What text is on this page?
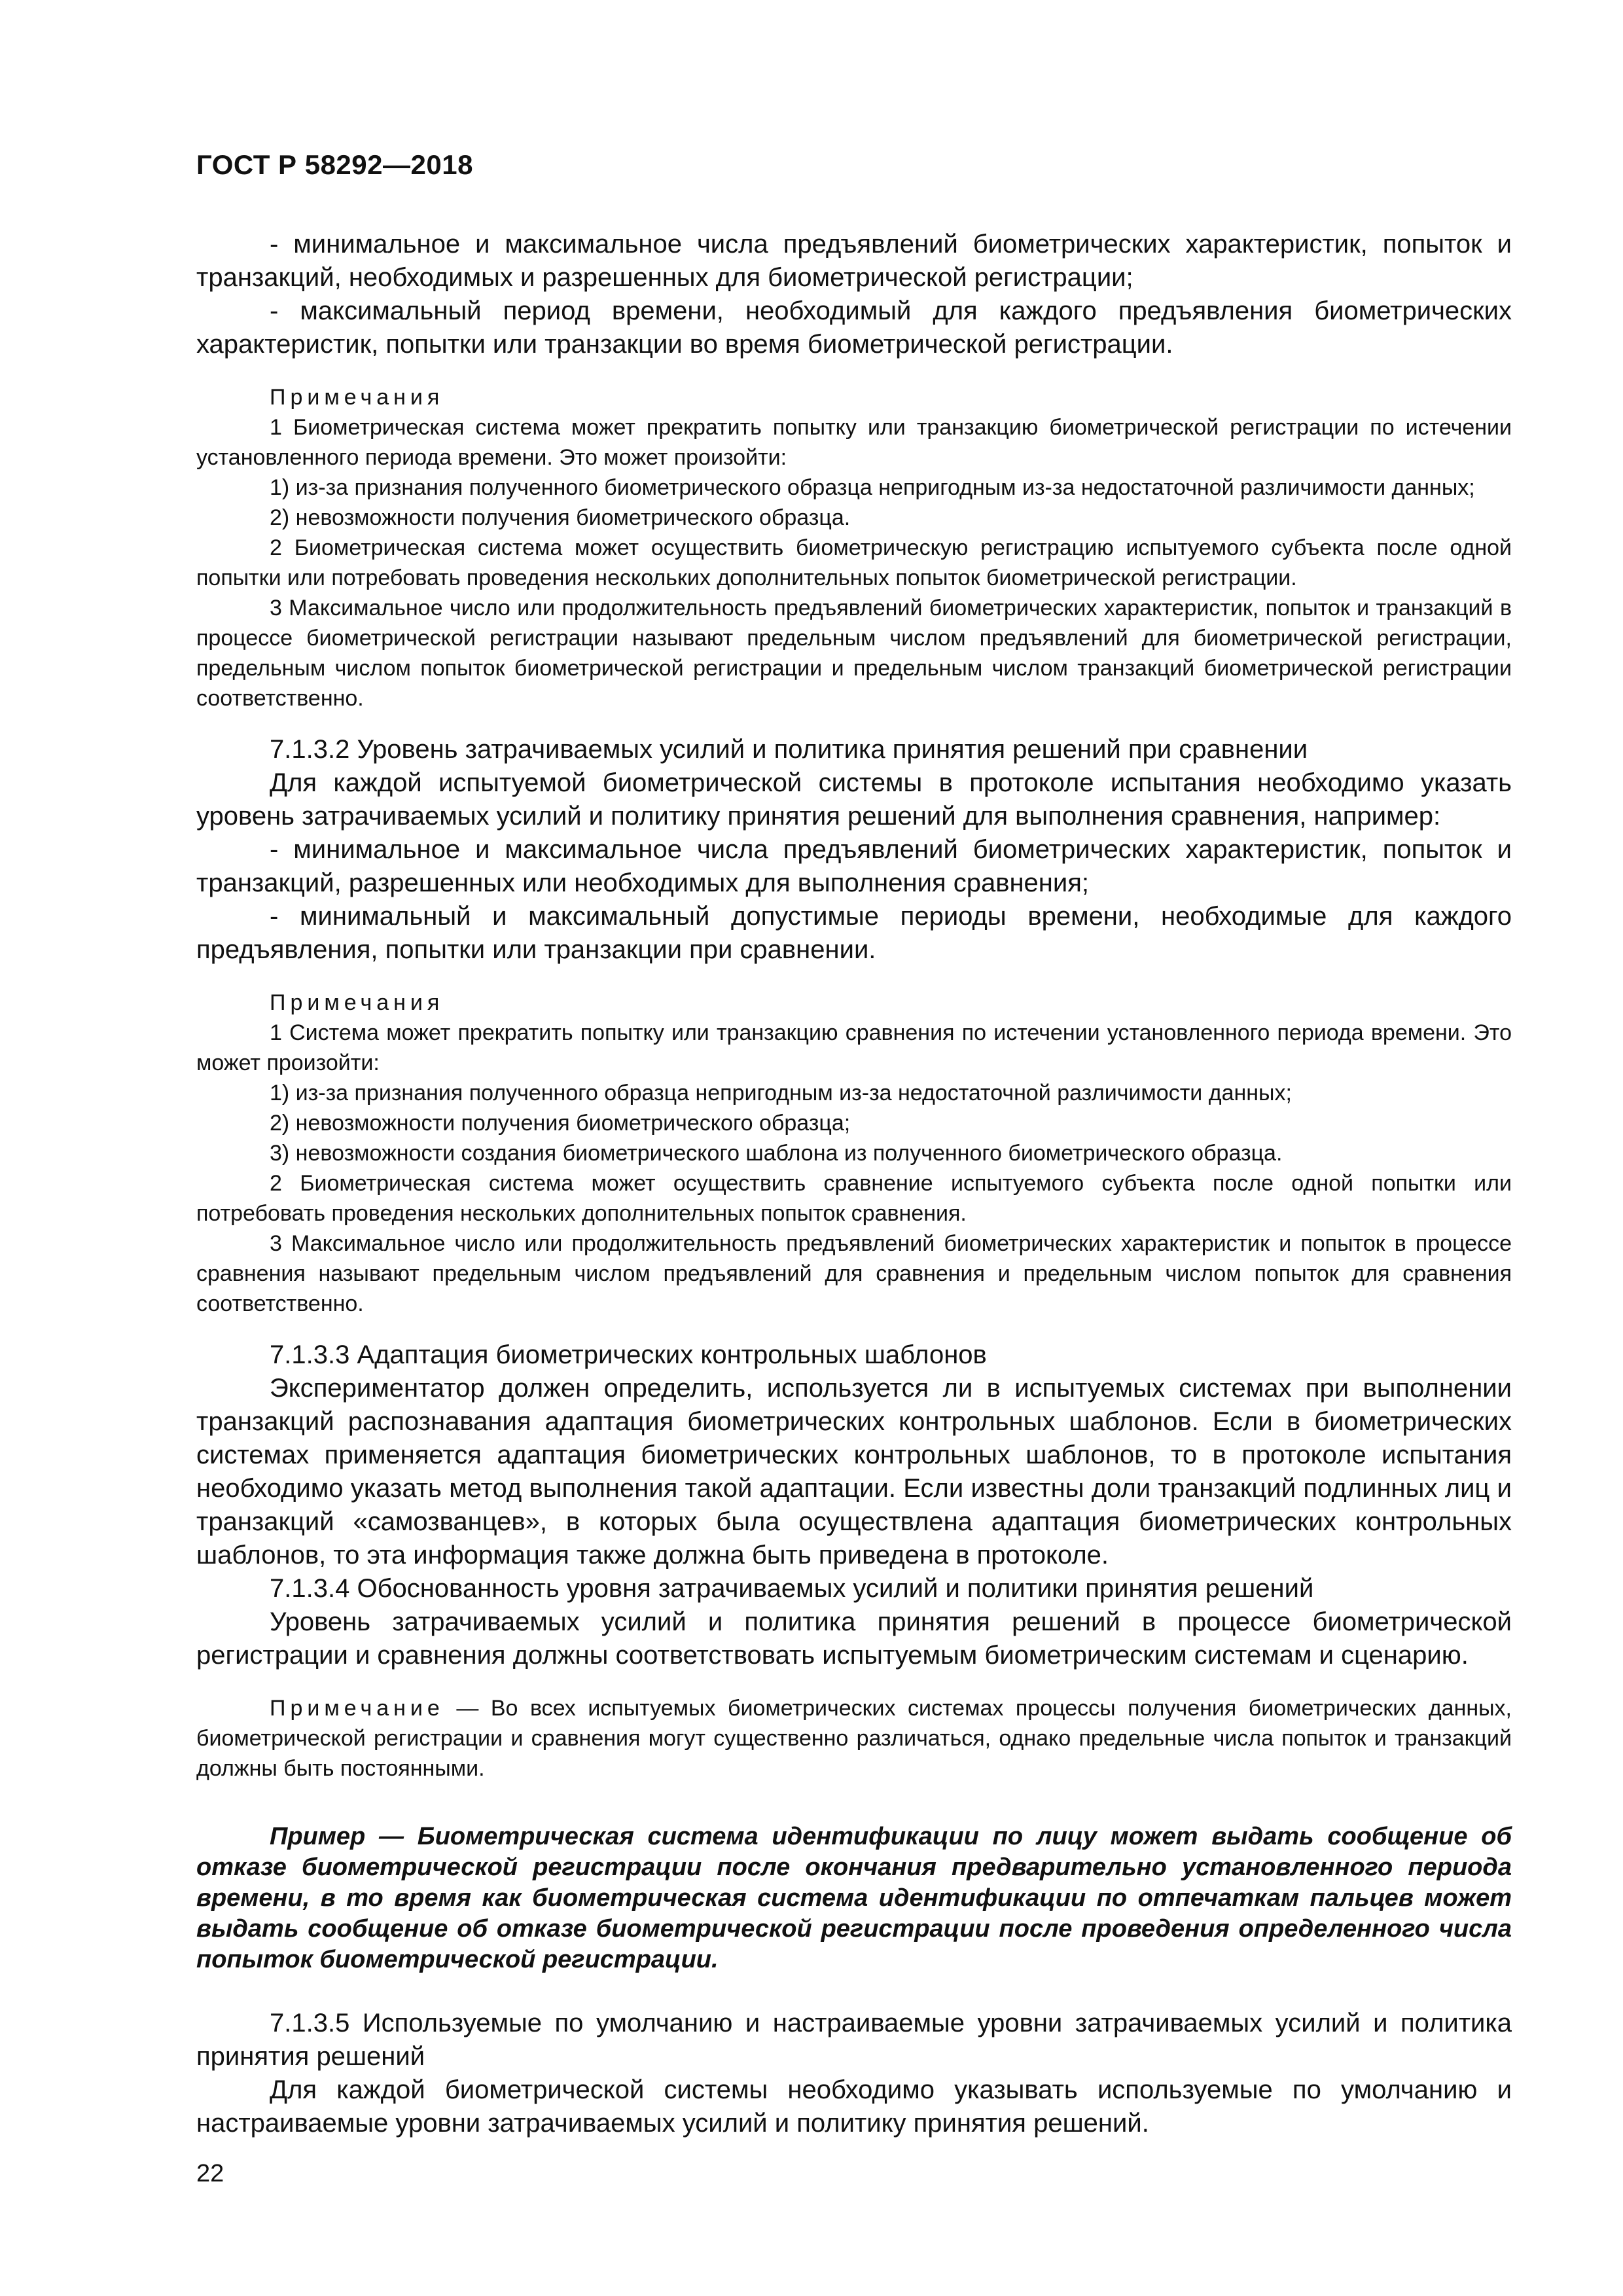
ГОСТ Р 58292—2018

- минимальное и максимальное числа предъявлений биометрических характеристик, попыток и транзакций, необходимых и разрешенных для биометрической регистрации;

- максимальный период времени, необходимый для каждого предъявления биометрических характеристик, попытки или транзакции во время биометрической регистрации.

Примечания

1 Биометрическая система может прекратить попытку или транзакцию биометрической регистрации по истечении установленного периода времени. Это может произойти:

1) из-за признания полученного биометрического образца непригодным из-за недостаточной различимости данных;

2) невозможности получения биометрического образца.

2 Биометрическая система может осуществить биометрическую регистрацию испытуемого субъекта после одной попытки или потребовать проведения нескольких дополнительных попыток биометрической регистрации.

3 Максимальное число или продолжительность предъявлений биометрических характеристик, попыток и транзакций в процессе биометрической регистрации называют предельным числом предъявлений для биометрической регистрации, предельным числом попыток биометрической регистрации и предельным числом транзакций биометрической регистрации соответственно.

7.1.3.2 Уровень затрачиваемых усилий и политика принятия решений при сравнении

Для каждой испытуемой биометрической системы в протоколе испытания необходимо указать уровень затрачиваемых усилий и политику принятия решений для выполнения сравнения, например:

- минимальное и максимальное числа предъявлений биометрических характеристик, попыток и транзакций, разрешенных или необходимых для выполнения сравнения;

- минимальный и максимальный допустимые периоды времени, необходимые для каждого предъявления, попытки или транзакции при сравнении.

Примечания

1 Система может прекратить попытку или транзакцию сравнения по истечении установленного периода времени. Это может произойти:

1) из-за признания полученного образца непригодным из-за недостаточной различимости данных;

2) невозможности получения биометрического образца;

3) невозможности создания биометрического шаблона из полученного биометрического образца.

2 Биометрическая система может осуществить сравнение испытуемого субъекта после одной попытки или потребовать проведения нескольких дополнительных попыток сравнения.

3 Максимальное число или продолжительность предъявлений биометрических характеристик и попыток в процессе сравнения называют предельным числом предъявлений для сравнения и предельным числом попыток для сравнения соответственно.

7.1.3.3 Адаптация биометрических контрольных шаблонов

Экспериментатор должен определить, используется ли в испытуемых системах при выполнении транзакций распознавания адаптация биометрических контрольных шаблонов. Если в биометрических системах применяется адаптация биометрических контрольных шаблонов, то в протоколе испытания необходимо указать метод выполнения такой адаптации. Если известны доли транзакций подлинных лиц и транзакций «самозванцев», в которых была осуществлена адаптация биометрических контрольных шаблонов, то эта информация также должна быть приведена в протоколе.

7.1.3.4 Обоснованность уровня затрачиваемых усилий и политики принятия решений

Уровень затрачиваемых усилий и политика принятия решений в процессе биометрической регистрации и сравнения должны соответствовать испытуемым биометрическим системам и сценарию.

Примечание — Во всех испытуемых биометрических системах процессы получения биометрических данных, биометрической регистрации и сравнения могут существенно различаться, однако предельные числа попыток и транзакций должны быть постоянными.

Пример — Биометрическая система идентификации по лицу может выдать сообщение об отказе биометрической регистрации после окончания предварительно установленного периода времени, в то время как биометрическая система идентификации по отпечаткам пальцев может выдать сообщение об отказе биометрической регистрации после проведения определенного числа попыток биометрической регистрации.

7.1.3.5 Используемые по умолчанию и настраиваемые уровни затрачиваемых усилий и политика принятия решений

Для каждой биометрической системы необходимо указывать используемые по умолчанию и настраиваемые уровни затрачиваемых усилий и политику принятия решений.

22
